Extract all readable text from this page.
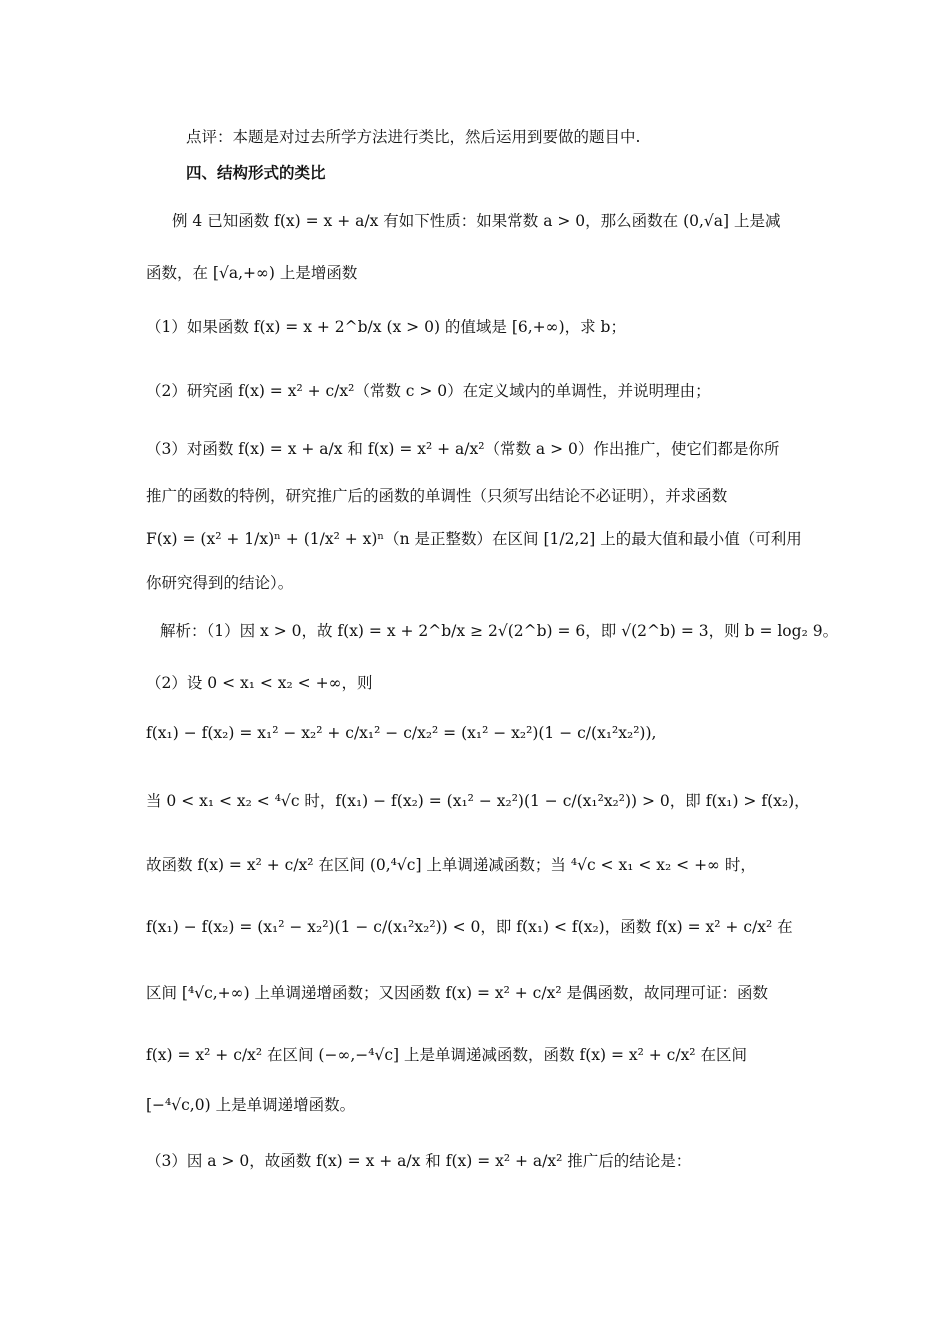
点评：本题是对过去所学方法进行类比，然后运用到要做的题目中.
四、结构形式的类比
例 4 已知函数 f(x) = x + a/x 有如下性质：如果常数 a > 0，那么函数在 (0,√a] 上是减
函数，在 [√a,+∞) 上是增函数
（1）如果函数 f(x) = x + 2^b/x (x > 0) 的值域是 [6,+∞)，求 b；
（2）研究函 f(x) = x² + c/x²（常数 c > 0）在定义域内的单调性，并说明理由；
（3）对函数 f(x) = x + a/x 和 f(x) = x² + a/x²（常数 a > 0）作出推广，使它们都是你所
推广的函数的特例，研究推广后的函数的单调性（只须写出结论不必证明），并求函数
F(x) = (x² + 1/x)ⁿ + (1/x² + x)ⁿ（n 是正整数）在区间 [1/2,2] 上的最大值和最小值（可利用
你研究得到的结论）。
解析：（1）因 x > 0，故 f(x) = x + 2^b/x ≥ 2√(2^b) = 6，即 √(2^b) = 3，则 b = log₂ 9。
（2）设 0 < x₁ < x₂ < +∞，则
f(x₁) − f(x₂) = x₁² − x₂² + c/x₁² − c/x₂² = (x₁² − x₂²)(1 − c/(x₁²x₂²)),
当 0 < x₁ < x₂ < ⁴√c 时，f(x₁) − f(x₂) = (x₁² − x₂²)(1 − c/(x₁²x₂²)) > 0，即 f(x₁) > f(x₂)，
故函数 f(x) = x² + c/x² 在区间 (0,⁴√c] 上单调递减函数；当 ⁴√c < x₁ < x₂ < +∞ 时，
f(x₁) − f(x₂) = (x₁² − x₂²)(1 − c/(x₁²x₂²)) < 0，即 f(x₁) < f(x₂)，函数 f(x) = x² + c/x² 在
区间 [⁴√c,+∞) 上单调递增函数；又因函数 f(x) = x² + c/x² 是偶函数，故同理可证：函数
f(x) = x² + c/x² 在区间 (−∞,−⁴√c] 上是单调递减函数，函数 f(x) = x² + c/x² 在区间
[−⁴√c,0) 上是单调递增函数。
（3）因 a > 0，故函数 f(x) = x + a/x 和 f(x) = x² + a/x² 推广后的结论是：
